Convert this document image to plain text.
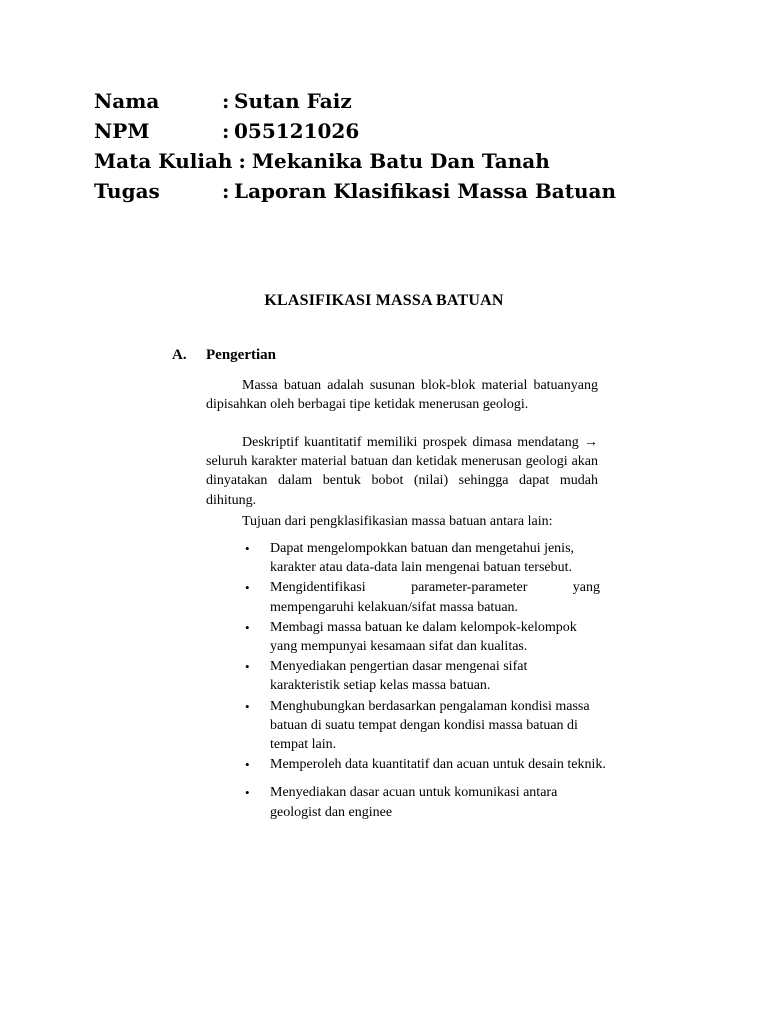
Nama	: Sutan Faiz
NPM	: 055121026
Mata Kuliah : Mekanika Batu Dan Tanah
Tugas	: Laporan Klasifikasi Massa Batuan
KLASIFIKASI MASSA BATUAN
A. Pengertian
Massa batuan adalah susunan blok-blok material batuanyang dipisahkan oleh berbagai tipe ketidak menerusan geologi.
Deskriptif kuantitatif memiliki prospek dimasa mendatang → seluruh karakter material batuan dan ketidak menerusan geologi akan dinyatakan dalam bentuk bobot (nilai) sehingga dapat mudah dihitung.
Tujuan dari pengklasifikasian massa batuan antara lain:
• Dapat mengelompokkan batuan dan mengetahui jenis, karakter atau data-data lain mengenai batuan tersebut.
• Mengidentifikasi parameter-parameter yang mempengaruhi kelakuan/sifat massa batuan.
• Membagi massa batuan ke dalam kelompok-kelompok yang mempunyai kesamaan sifat dan kualitas.
• Menyediakan pengertian dasar mengenai sifat karakteristik setiap kelas massa batuan.
• Menghubungkan berdasarkan pengalaman kondisi massa batuan di suatu tempat dengan kondisi massa batuan di tempat lain.
• Memperoleh data kuantitatif dan acuan untuk desain teknik.
• Menyediakan dasar acuan untuk komunikasi antara geologist dan enginee
